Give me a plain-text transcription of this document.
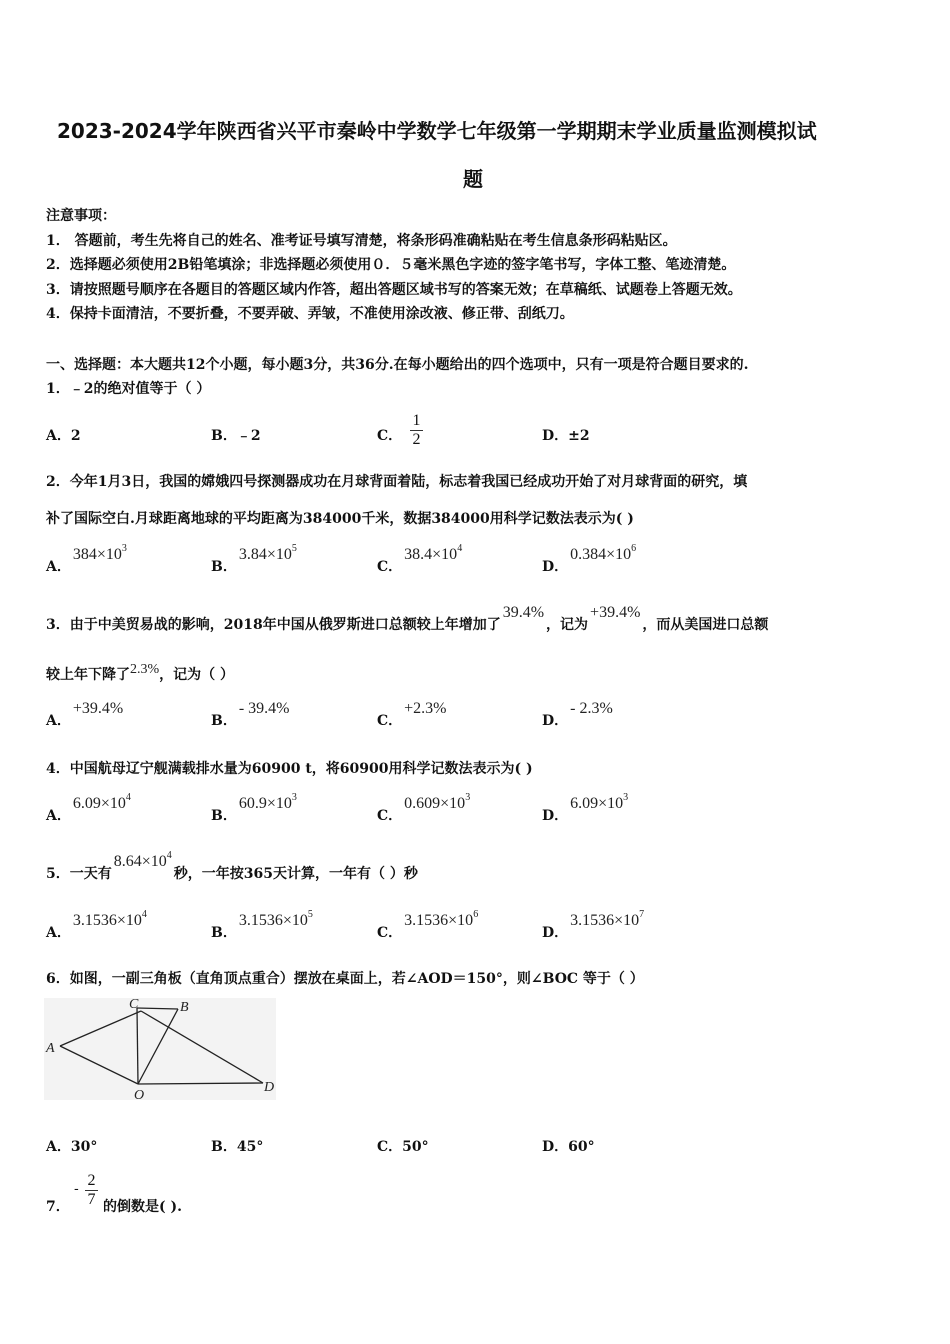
2023-2024学年陕西省兴平市秦岭中学数学七年级第一学期期末学业质量监测模拟试
题
注意事项：
1． 答题前，考生先将自己的姓名、准考证号填写清楚，将条形码准确粘贴在考生信息条形码粘贴区。
2．选择题必须使用2B铅笔填涂；非选择题必须使用０．５毫米黑色字迹的签字笔书写，字体工整、笔迹清楚。
3．请按照题号顺序在各题目的答题区域内作答，超出答题区域书写的答案无效；在草稿纸、试题卷上答题无效。
4．保持卡面清洁，不要折叠，不要弄破、弄皱，不准使用涂改液、修正带、刮纸刀。
一、选择题：本大题共12个小题，每小题3分，共36分.在每小题给出的四个选项中，只有一项是符合题目要求的.
1．﹣2的绝对值等于（ ）
A．2	B．﹣2	C． $\frac{1}{2}$	D．±2
2．今年1月3日，我国的嫦娥四号探测器成功在月球背面着陆，标志着我国已经成功开始了对月球背面的研究，填
补了国际空白.月球距离地球的平均距离为384000千米，数据384000用科学记数法表示为( )
A．$384\times 10^3$
B．$3.84\times 10^5$
C．$38.4\times 10^4$
D．$0.384\times 10^6$
3．由于中美贸易战的影响，2018年中国从俄罗斯进口总额较上年增加了39.4%，记为+39.4%，而从美国进口总额
较上年下降了2.3%，记为（ ）
A．+39.4%
B．- 39.4%
C．+2.3%
D．- 2.3%
4．中国航母辽宁舰满载排水量为60900 t，将60900用科学记数法表示为( )
A．$6.09\times 10^4$
B．$60.9\times 10^3$
C．$0.609\times 10^3$
D．$6.09\times 10^3$
5．一天有$8.64\times 10^4$秒，一年按365天计算，一年有（ ）秒
A．$3.1536\times 10^4$
B．$3.1536\times 10^5$
C．$3.1536\times 10^6$
D．$3.1536\times 10^7$
6．如图，一副三角板（直角顶点重合）摆放在桌面上，若∠AOD＝150°，则∠BOC 等于（ ）
A
C	B
O
D
A．30°	B．45°	C．50°	D．60°
7．
- $\frac{2}{7}$ 的倒数是( ).
